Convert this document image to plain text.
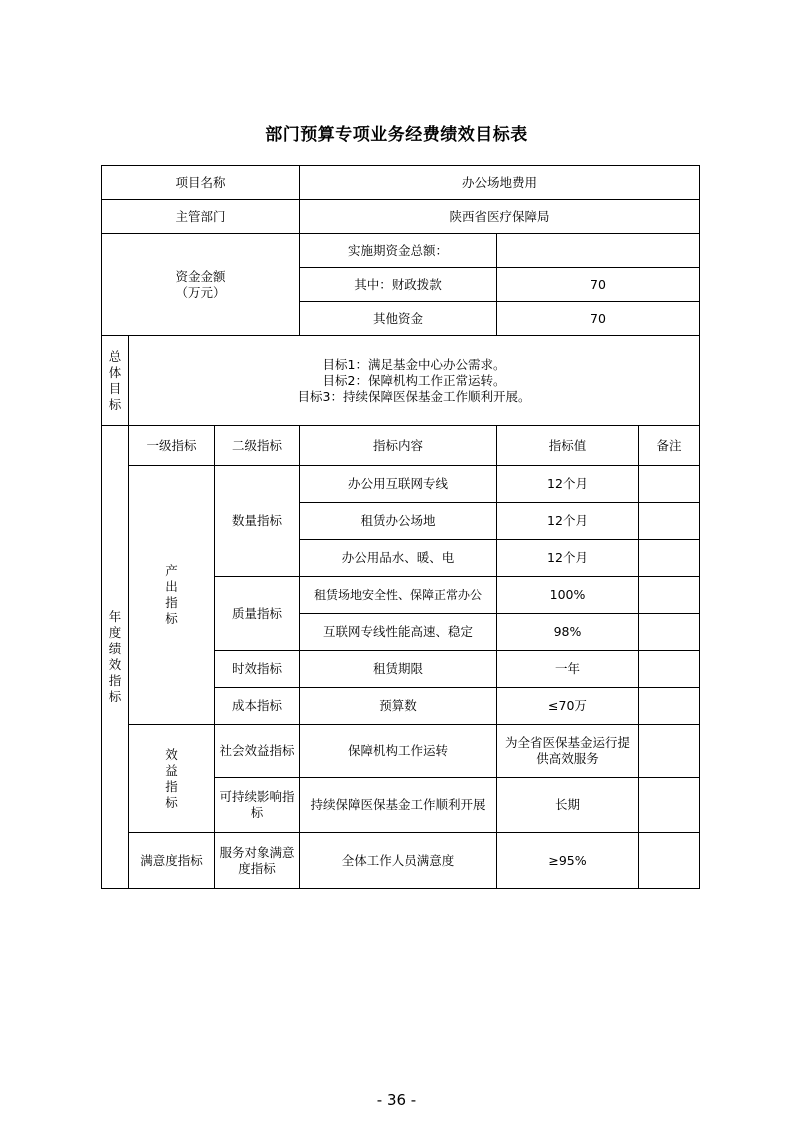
部门预算专项业务经费绩效目标表
项目名称			办公场地费用		
主管部门			陕西省医疗保障局		

资金金额
（万元）			实施期资金总额：		
			其中：财政拨款	70	
			其他资金	70	
总体目标	目标1：满足基金中心办公需求。
目标2：保障机构工作正常运转。
目标3：持续保障医保基金工作顺利开展。				

年度绩效指标	一级指标	二级指标	指标内容	指标值	备注
	产出指标	数量指标	办公用互联网专线	12个月	
			租赁办公场地	12个月	
			办公用品水、暖、电	12个月	
		质量指标	租赁场地安全性、保障正常办公	100%	
			互联网专线性能高速、稳定	98%	
		时效指标	租赁期限	一年	
		成本指标	预算数	≤70万	
	效益指标	社会效益指标	保障机构工作运转	为全省医保基金运行提供高效服务	
		可持续影响指标	持续保障医保基金工作顺利开展	长期	
	满意度指标	服务对象满意度指标	全体工作人员满意度	≥95%	
- 36 -
